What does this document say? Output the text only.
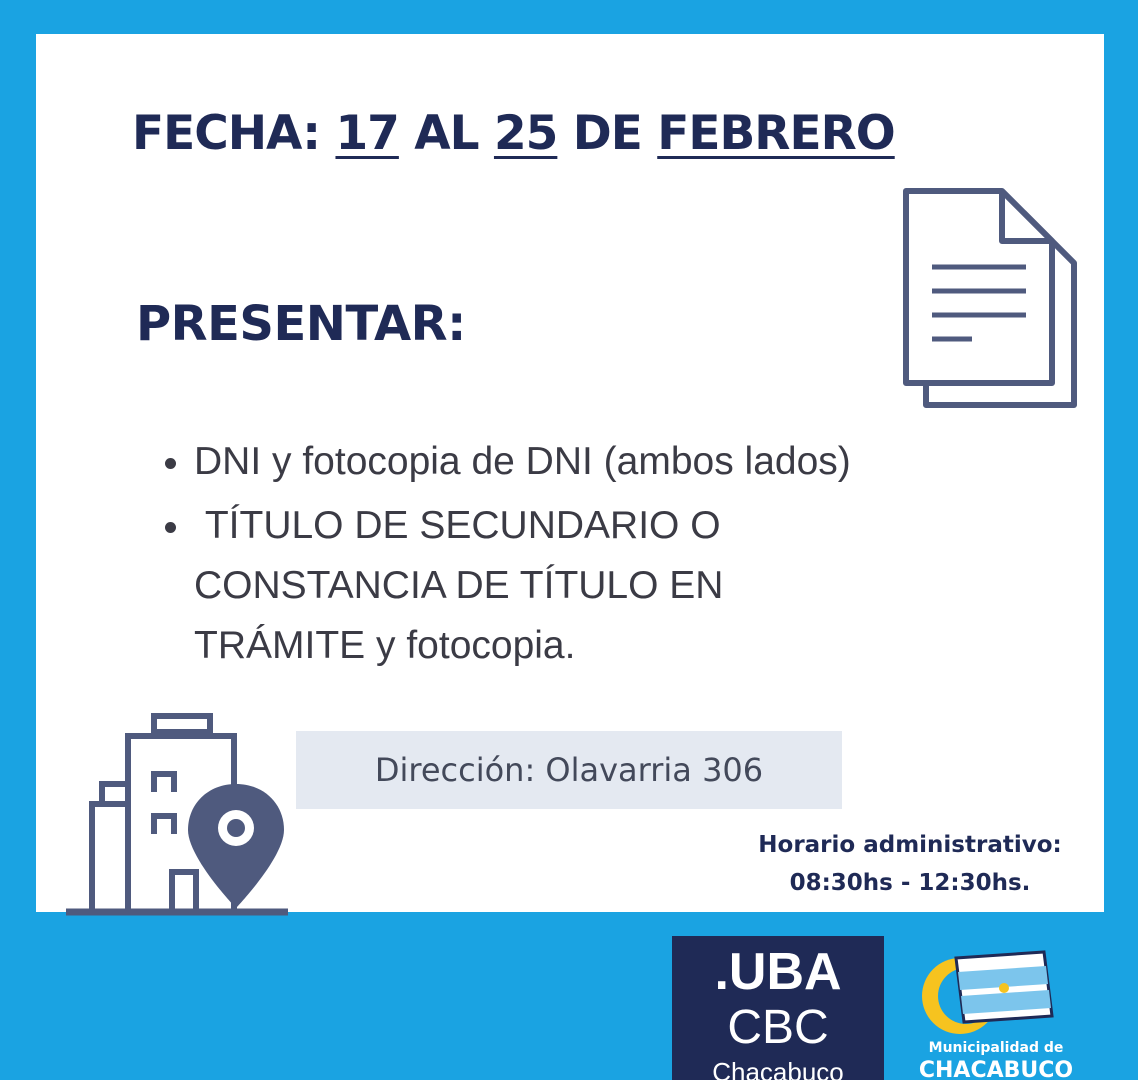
FECHA: 17 AL 25 DE FEBRERO
PRESENTAR:
• DNI y fotocopia de DNI (ambos lados)
•  TÍTULO DE SECUNDARIO O CONSTANCIA DE TÍTULO EN TRÁMITE y fotocopia.
Dirección: Olavarria 306
Horario administrativo:
08:30hs - 12:30hs.
.UBA
CBC
Chacabuco
Municipalidad de
CHACABUCO
